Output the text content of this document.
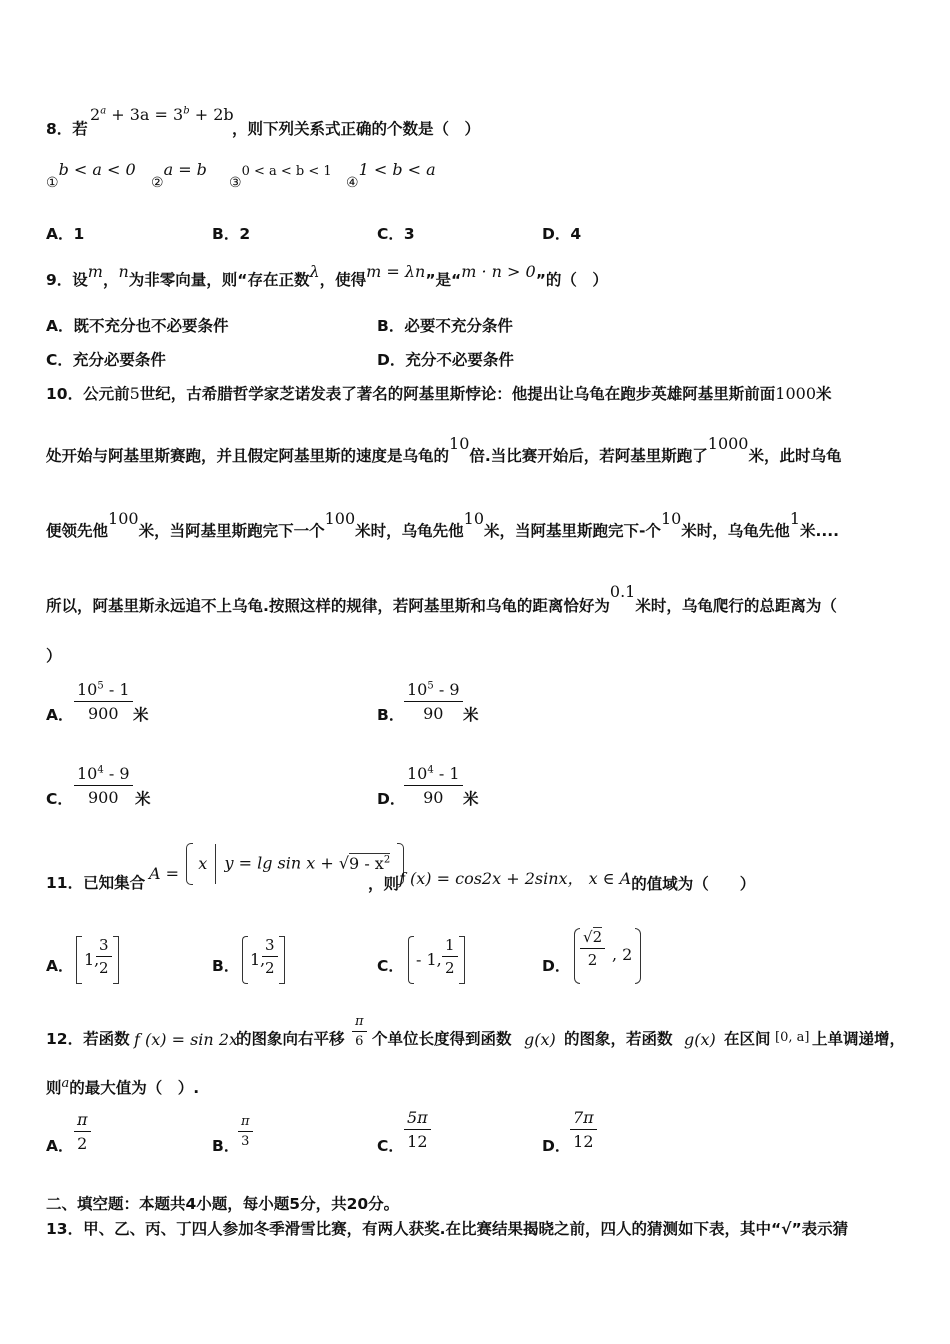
8．若
$2^a + 3a = 3^b + 2b$
，则下列关系式正确的个数是（　）
①b < a < 0
②a = b
③0 < a < b < 1
④1 < b < a
A．1	B．2	C．3	D．4
9．设m，n为非零向量，则“存在正数λ，使得m = λn”是“m · n > 0”的（　）
A．既不充分也不必要条件	B．必要不充分条件
C．充分必要条件	D．充分不必要条件
10．公元前5世纪，古希腊哲学家芝诺发表了著名的阿基里斯悖论：他提出让乌龟在跑步英雄阿基里斯前面1000米
处开始与阿基里斯赛跑，并且假定阿基里斯的速度是乌龟的10倍.当比赛开始后，若阿基里斯跑了1000米，此时乌龟
便领先他100米，当阿基里斯跑完下一个100米时，乌龟先他10米，当阿基里斯跑完下-个10米时，乌龟先他1米....
所以，阿基里斯永远追不上乌龟.按照这样的规律，若阿基里斯和乌龟的距离恰好为0.1米时，乌龟爬行的总距离为（
）
A． $\frac{10^5 - 1}{900}$ 米	B． $\frac{10^5 - 9}{90}$ 米
C． $\frac{10^4 - 9}{900}$ 米	D．
$\frac{10^4 - 1}{90}$ 米
11．已知集合
A =  x $y = \lg \sin x + √9 - x^2$
，则f (x) = cos2x + 2sinx， x ∈ A的值域为（　　）
A． 1,
$\frac{3}{2}$	B． 1,
$\frac{3}{2}$	C． - 1, $\frac{1}{2}$	D． $\frac{√2}{2}$ , 2
12．若函数 f (x) = sin 2x
的图象向右平移 $\frac{\pi}{6}$ 个单位长度得到函数 g(x) 的图象，若函数 g(x) 在区间 [0, a] 上单调递增，
则a的最大值为（　）.
A． $\frac{\pi}{2}$	B．
$\frac{\pi}{3}$	C． $\frac{5\pi}{12}$	D． $\frac{7\pi}{12}$
二、填空题：本题共4小题，每小题5分，共20分。
13．甲、乙、丙、丁四人参加冬季滑雪比赛，有两人获奖.在比赛结果揭晓之前，四人的猜测如下表，其中“√”表示猜
